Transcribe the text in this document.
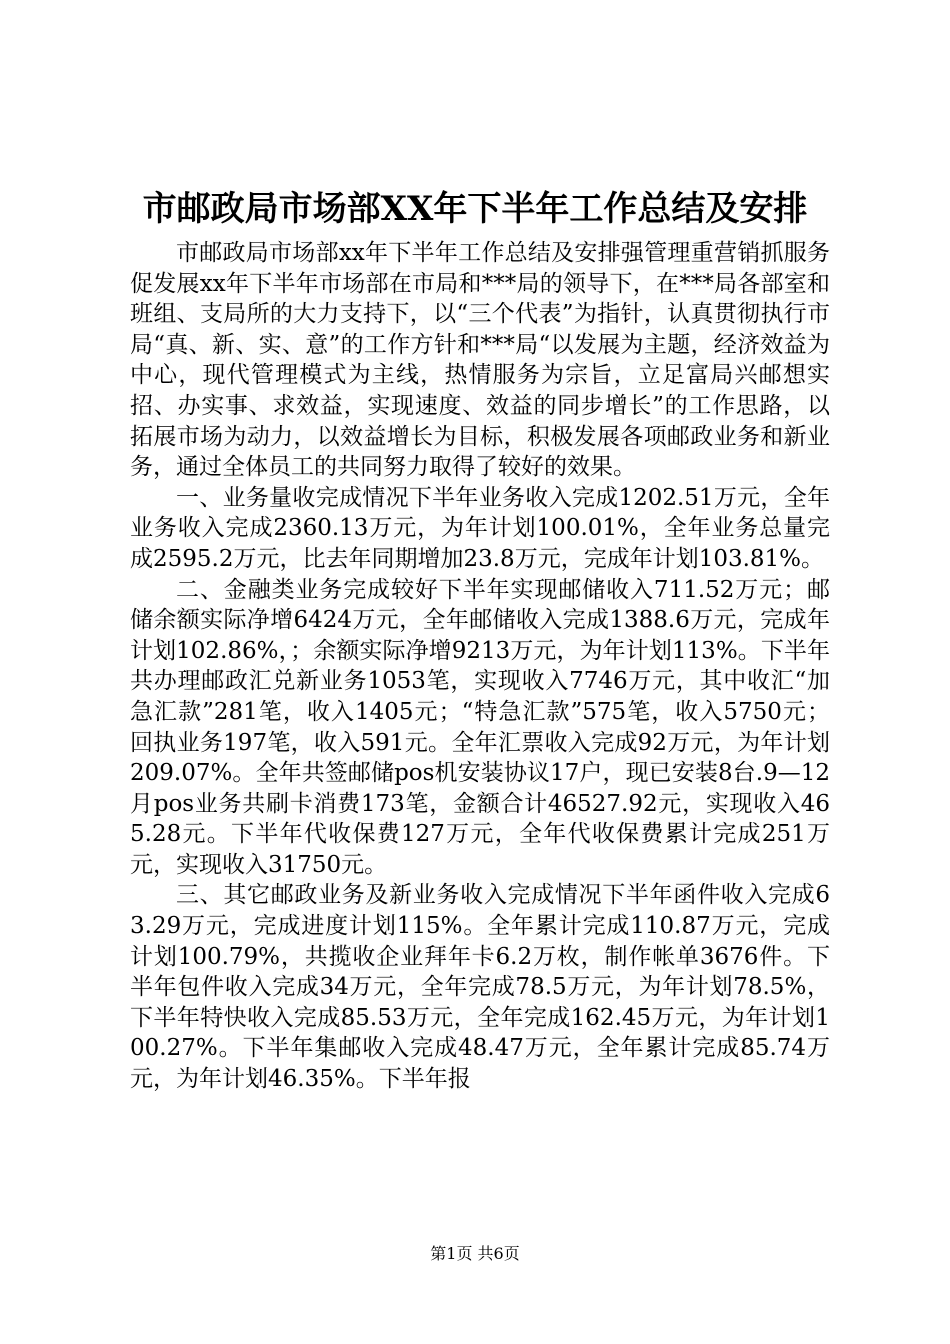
市邮政局市场部XX年下半年工作总结及安排

市邮政局市场部xx年下半年工作总结及安排强管理重营销抓服务促发展xx年下半年市场部在市局和***局的领导下，在***局各部室和班组、支局所的大力支持下，以“三个代表”为指针，认真贯彻执行市局“真、新、实、意”的工作方针和***局“以发展为主题，经济效益为中心，现代管理模式为主线，热情服务为宗旨，立足富局兴邮想实招、办实事、求效益，实现速度、效益的同步增长”的工作思路，以拓展市场为动力，以效益增长为目标，积极发展各项邮政业务和新业务，通过全体员工的共同努力取得了较好的效果。

一、业务量收完成情况下半年业务收入完成1202.51万元，全年业务收入完成2360.13万元，为年计划100.01%，全年业务总量完成2595.2万元，比去年同期增加23.8万元，完成年计划103.81%。

二、金融类业务完成较好下半年实现邮储收入711.52万元；邮储余额实际净增6424万元，全年邮储收入完成1388.6万元，完成年计划102.86%，；余额实际净增9213万元，为年计划113%。下半年共办理邮政汇兑新业务1053笔，实现收入7746万元，其中收汇“加急汇款”281笔，收入1405元；“特急汇款”575笔，收入5750元；回执业务197笔，收入591元。全年汇票收入完成92万元，为年计划209.07%。全年共签邮储pos机安装协议17户，现已安装8台.9—12月pos业务共刷卡消费173笔，金额合计46527.92元，实现收入465.28元。下半年代收保费127万元，全年代收保费累计完成251万元，实现收入31750元。

三、其它邮政业务及新业务收入完成情况下半年函件收入完成63.29万元，完成进度计划115%。全年累计完成110.87万元，完成计划100.79%，共揽收企业拜年卡6.2万枚，制作帐单3676件。下半年包件收入完成34万元，全年完成78.5万元，为年计划78.5%，下半年特快收入完成85.53万元，全年完成162.45万元，为年计划100.27%。下半年集邮收入完成48.47万元，全年累计完成85.74万元，为年计划46.35%。下半年报

第1页 共6页
